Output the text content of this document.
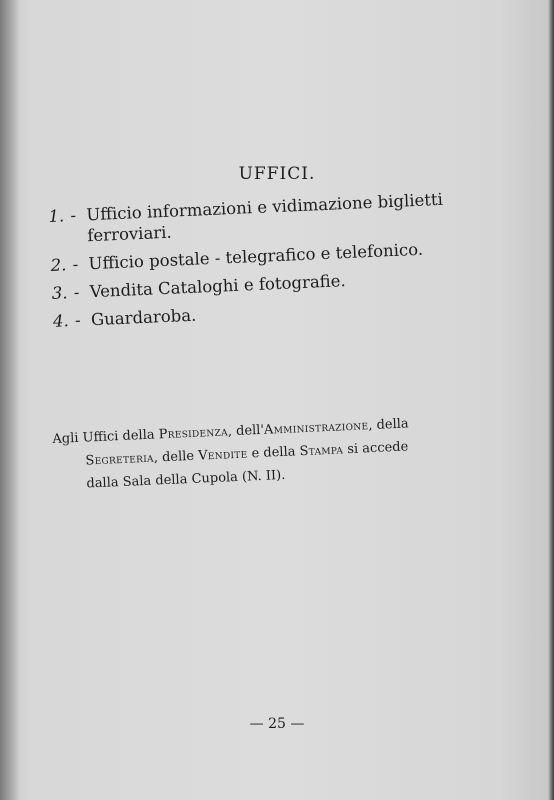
UFFICI.
1. - Ufficio informazioni e vidimazione biglietti ferroviari.
2. - Ufficio postale - telegrafico e telefonico.
3. - Vendita Cataloghi e fotografie.
4. - Guardaroba.
Agli Uffici della Presidenza, dell'Amministrazione, della
Segreteria, delle Vendite e della Stampa si accede
dalla Sala della Cupola (N. II).
— 25 —
